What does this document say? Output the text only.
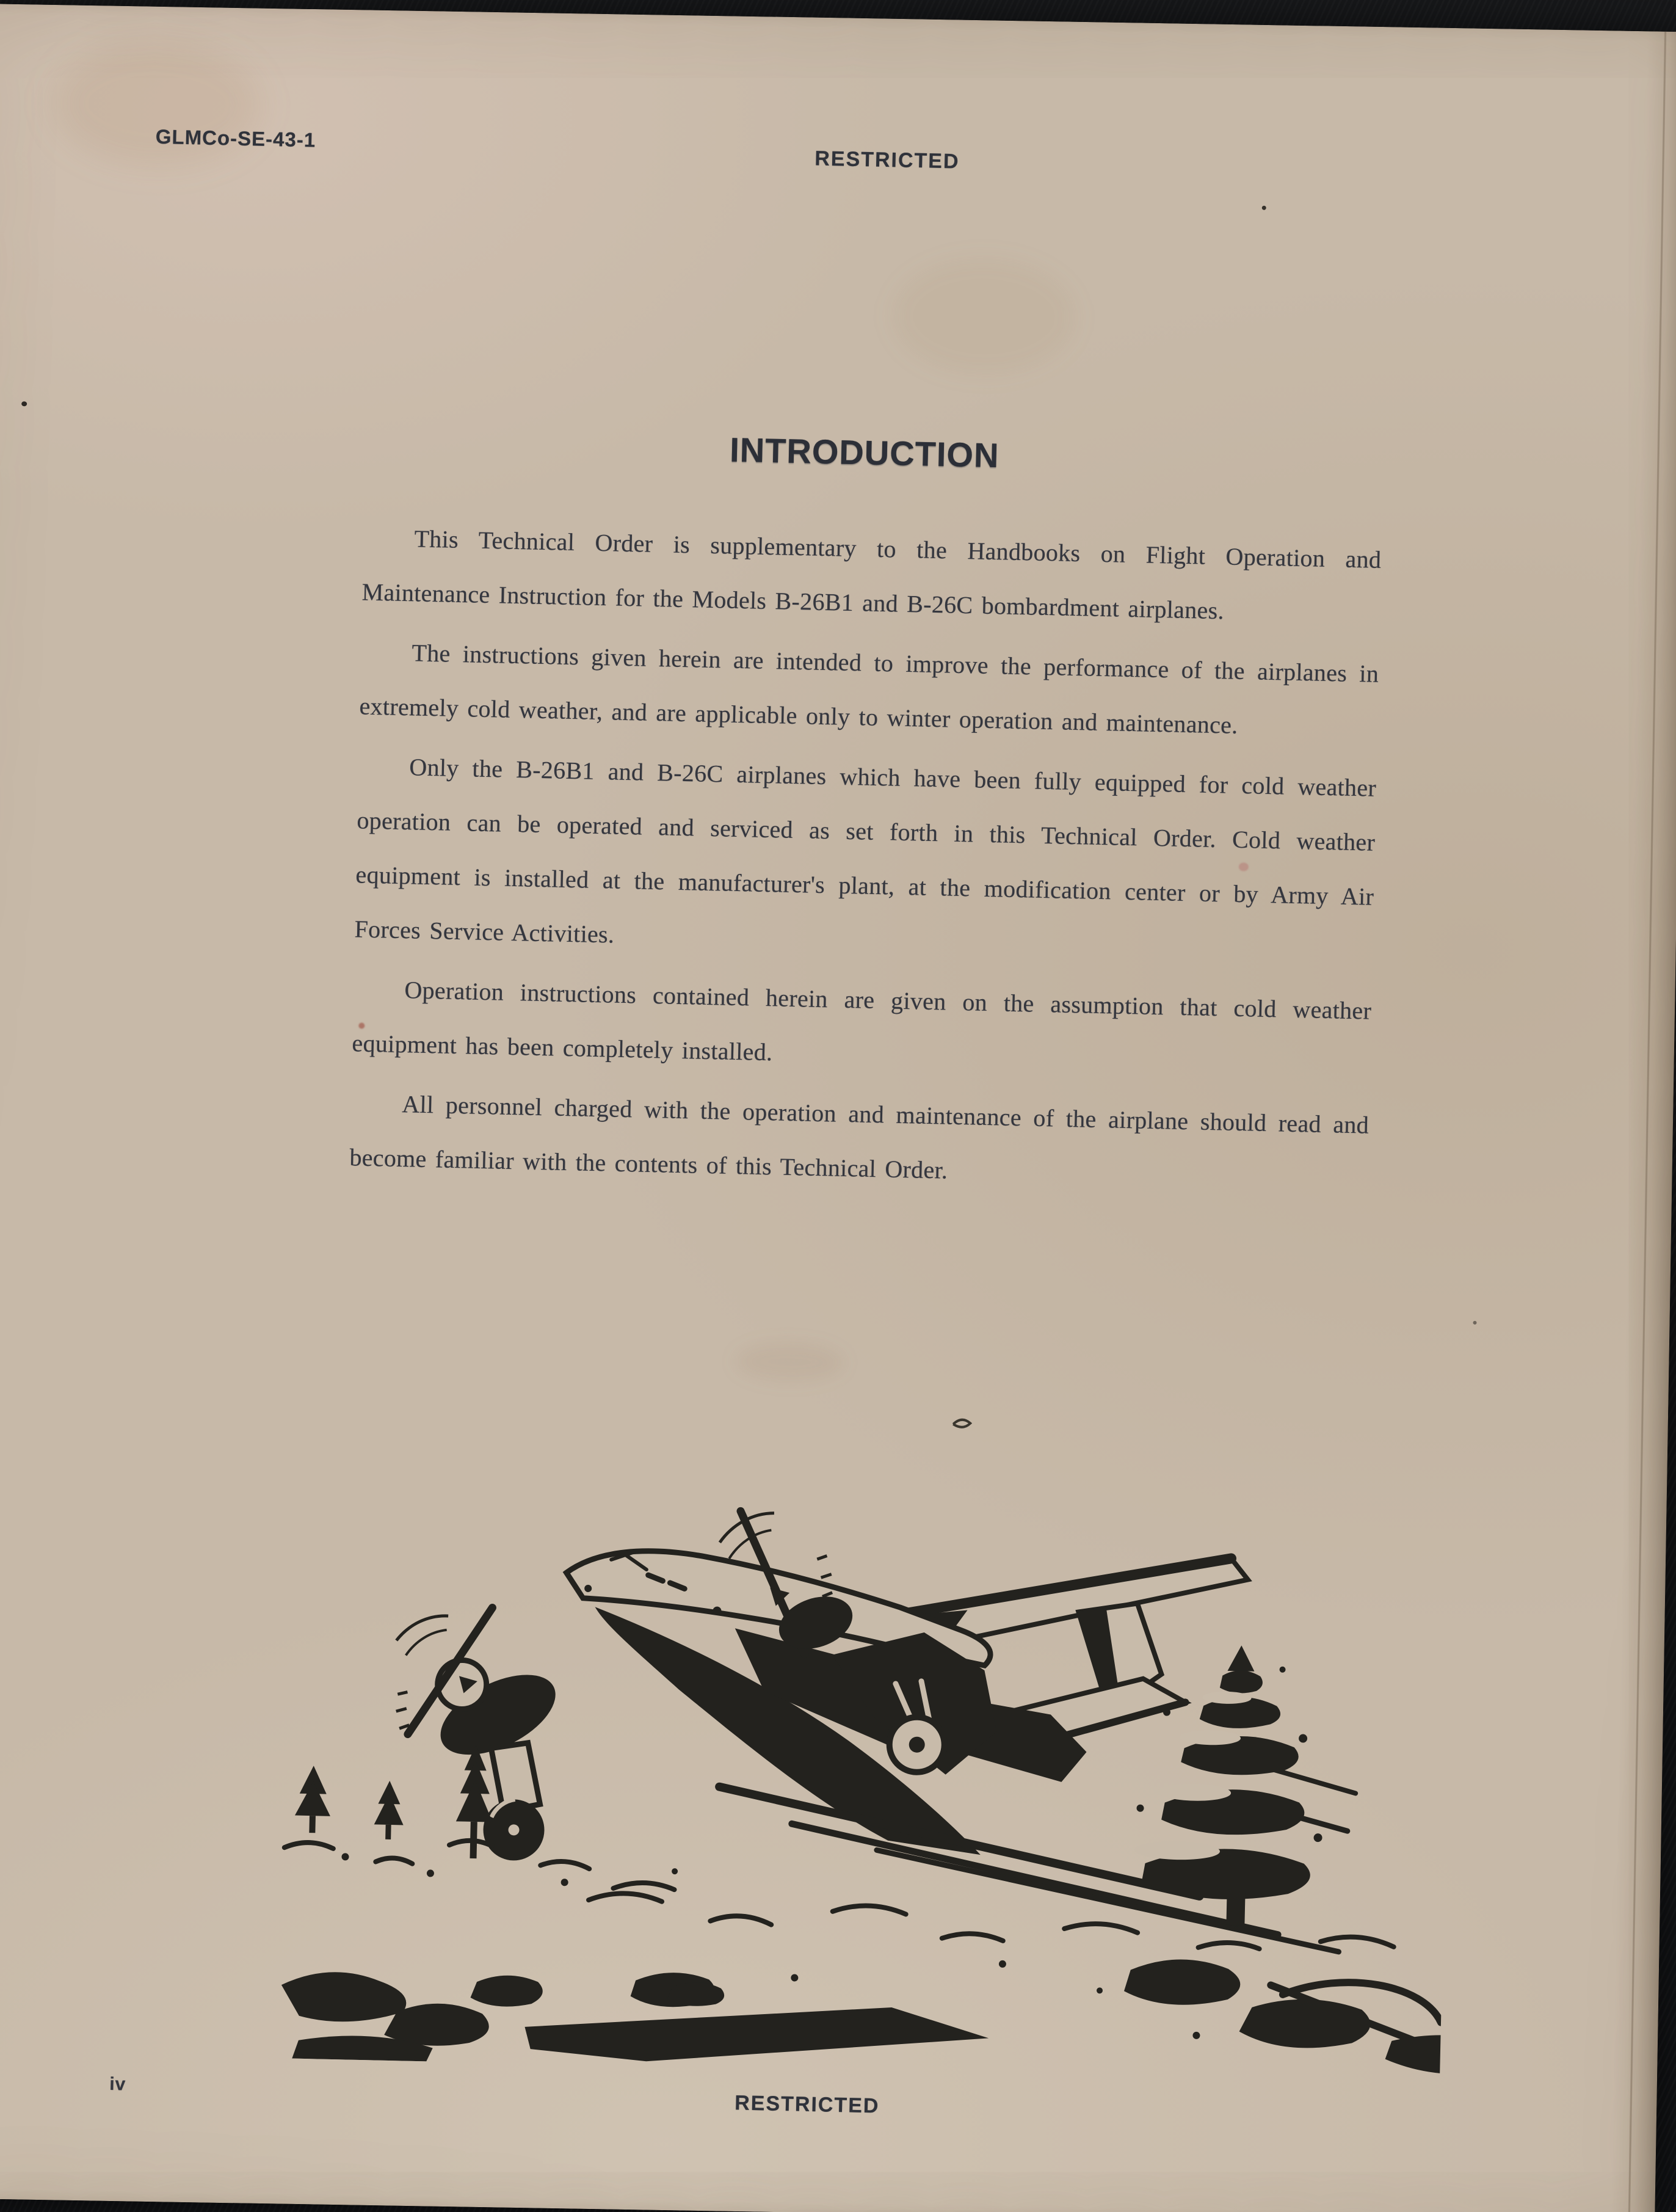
GLMCo-SE-43-1
RESTRICTED
INTRODUCTION

This Technical Order is supplementary to the Handbooks on Flight Operation and Maintenance Instruction for the Models B-26B1 and B-26C bombardment airplanes.

The instructions given herein are intended to improve the performance of the airplanes in extremely cold weather, and are applicable only to winter operation and maintenance.

Only the B-26B1 and B-26C airplanes which have been fully equipped for cold weather operation can be operated and serviced as set forth in this Technical Order. Cold weather equipment is installed at the manufacturer's plant, at the modification center or by Army Air Forces Service Activities.

Operation instructions contained herein are given on the assumption that cold weather equipment has been completely installed.

All personnel charged with the operation and maintenance of the airplane should read and become familiar with the contents of this Technical Order.

iv
RESTRICTED
